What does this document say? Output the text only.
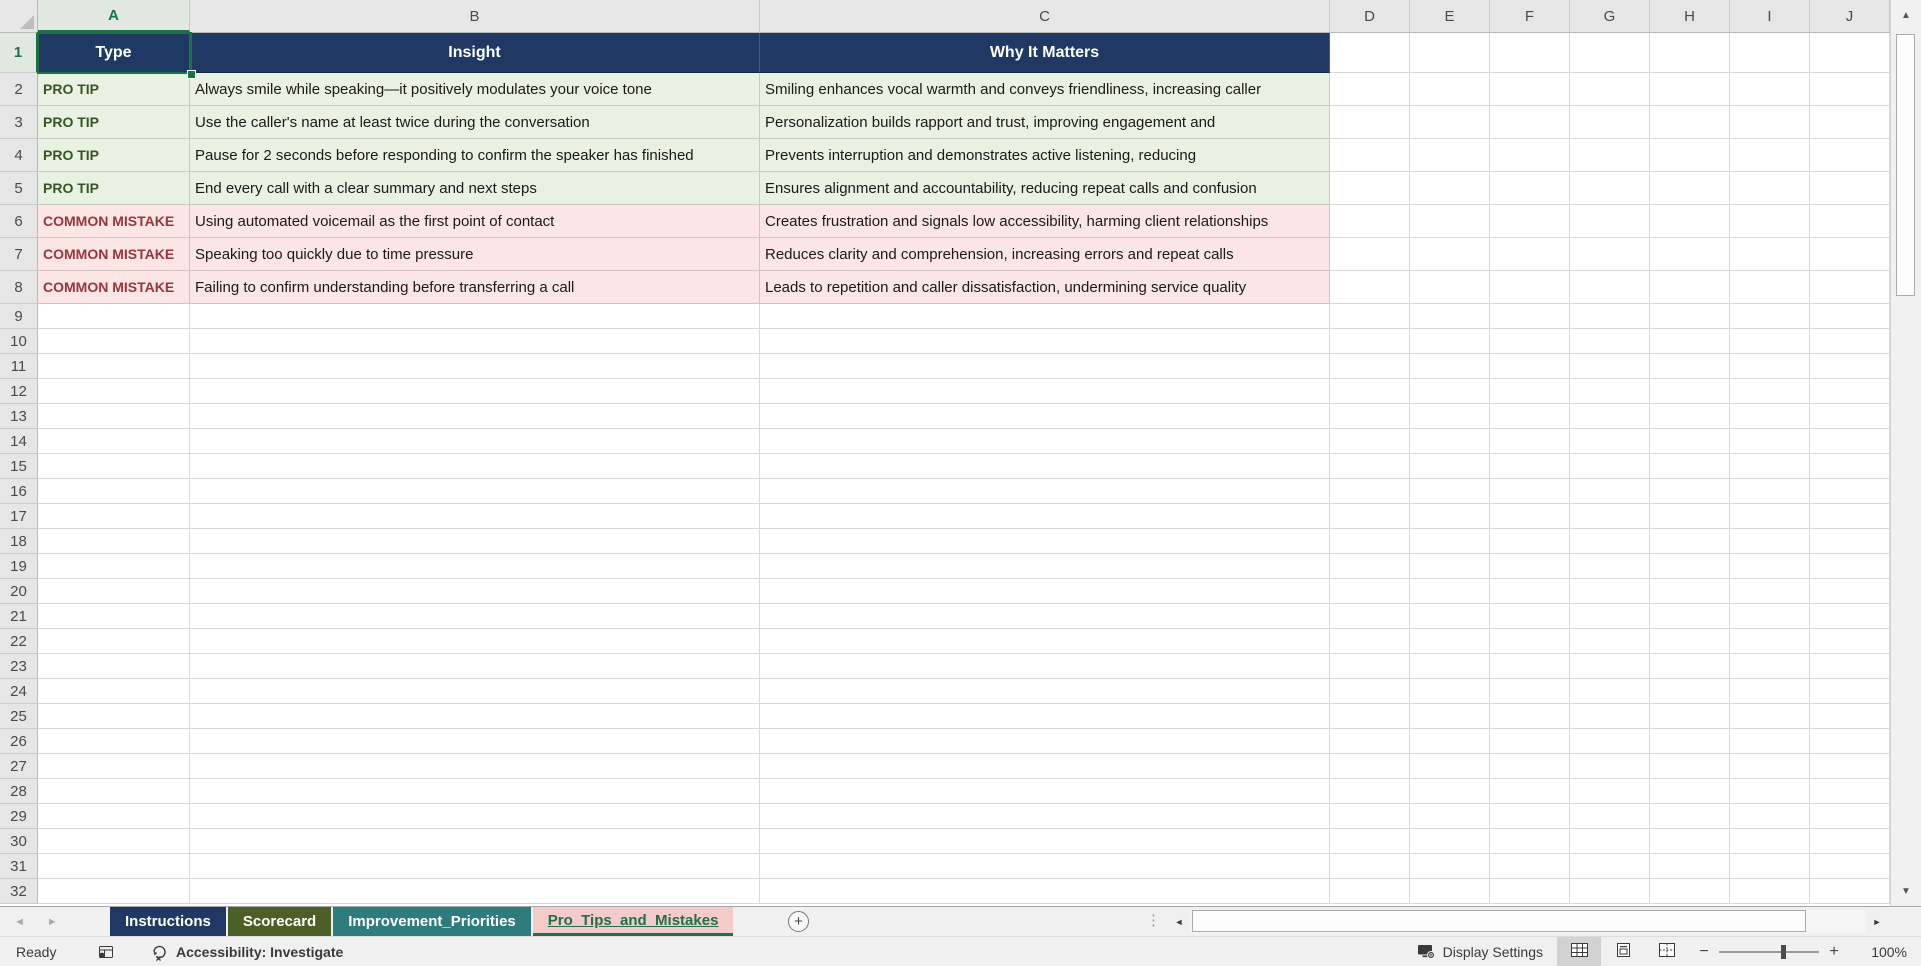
A	B	C	D	E	F	G	H	I	J
1	Type	Insight	Why It Matters
2	PRO TIP	Always smile while speaking—it positively modulates your voice tone	Smiling enhances vocal warmth and conveys friendliness, increasing caller
3	PRO TIP	Use the caller's name at least twice during the conversation	Personalization builds rapport and trust, improving engagement and
4	PRO TIP	Pause for 2 seconds before responding to confirm the speaker has finished	Prevents interruption and demonstrates active listening, reducing
5	PRO TIP	End every call with a clear summary and next steps	Ensures alignment and accountability, reducing repeat calls and confusion
6	COMMON MISTAKE	Using automated voicemail as the first point of contact	Creates frustration and signals low accessibility, harming client relationships
7	COMMON MISTAKE	Speaking too quickly due to time pressure	Reduces clarity and comprehension, increasing errors and repeat calls
8	COMMON MISTAKE	Failing to confirm understanding before transferring a call	Leads to repetition and caller dissatisfaction, undermining service quality
9
10
11
12
13
14
15
16
17
18
19
20
21
22
23
24
25
26
27
28
29
30
31
32
▲
▼
◄ ►	Instructions	Scorecard	Improvement_Priorities	Pro_Tips_and_Mistakes	+	⋮	◄	►
Ready	Accessibility: Investigate	Display Settings	−	+	100%
